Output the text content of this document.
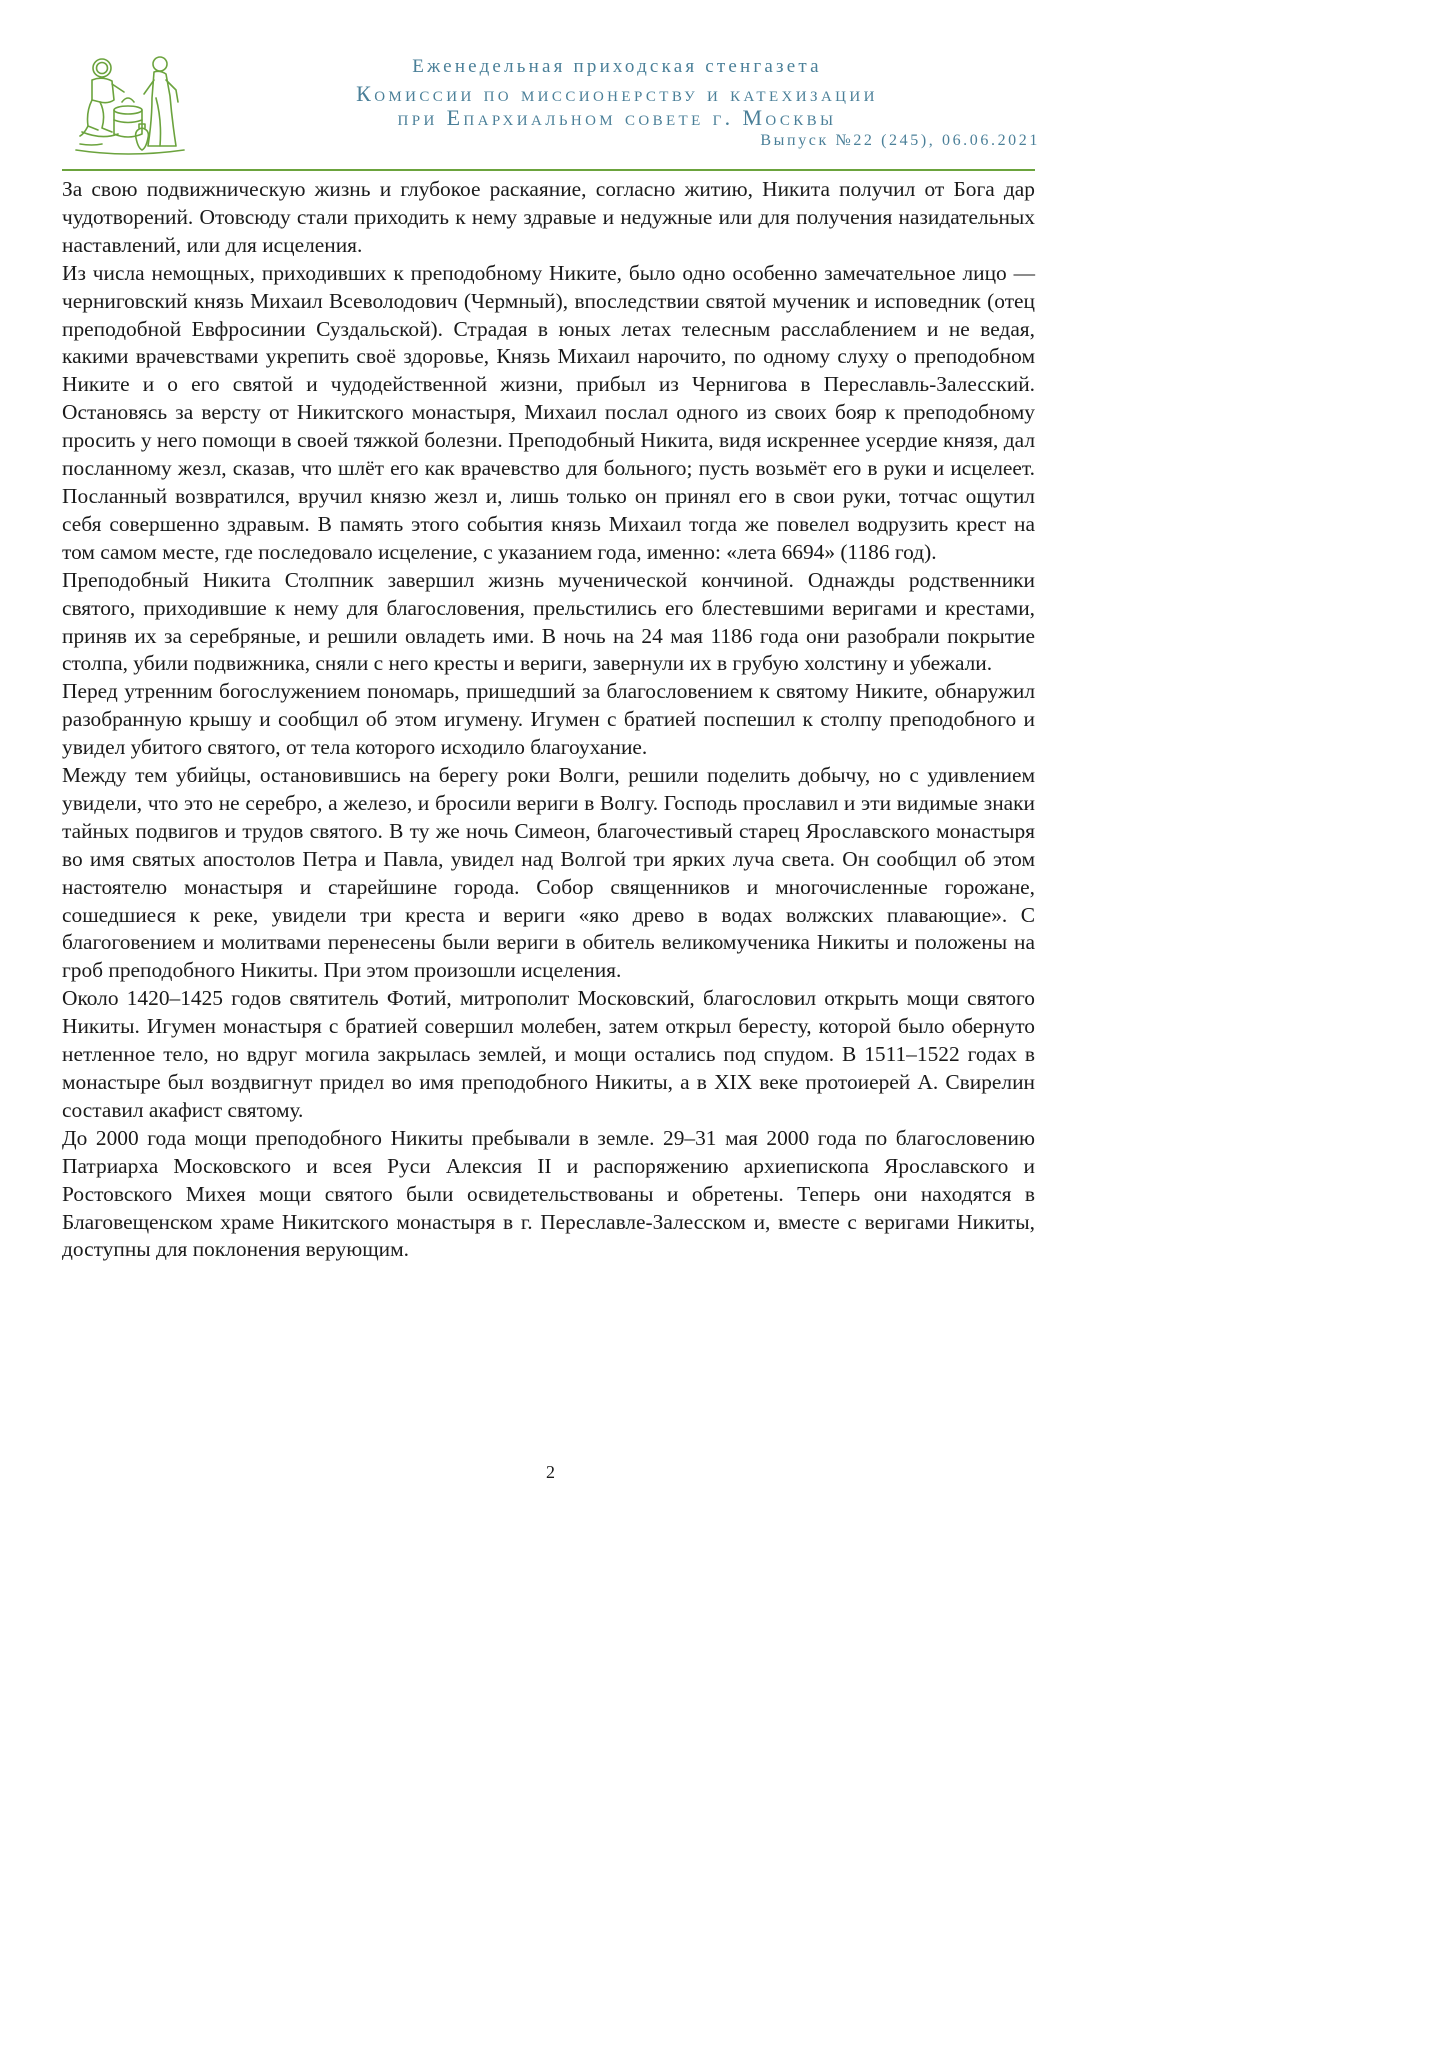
Еженедельная приходская стенгазета
Комиссии по миссионерству и катехизации
при Епархиальном совете г. Москвы
Выпуск №22 (245), 06.06.2021

За свою подвижническую жизнь и глубокое раскаяние, согласно житию, Никита получил от Бога дар чудотворений. Отовсюду стали приходить к нему здравые и недужные или для получения назидательных наставлений, или для исцеления.

Из числа немощных, приходивших к преподобному Никите, было одно особенно замечательное лицо — черниговский князь Михаил Всеволодович (Чермный), впоследствии святой мученик и исповедник (отец преподобной Евфросинии Суздальской). Страдая в юных летах телесным расслаблением и не ведая, какими врачевствами укрепить своё здоровье, Князь Михаил нарочито, по одному слуху о преподобном Никите и о его святой и чудодейственной жизни, прибыл из Чернигова в Переславль-Залесский. Остановясь за версту от Никитского монастыря, Михаил послал одного из своих бояр к преподобному просить у него помощи в своей тяжкой болезни. Преподобный Никита, видя искреннее усердие князя, дал посланному жезл, сказав, что шлёт его как врачевство для больного; пусть возьмёт его в руки и исцелеет. Посланный возвратился, вручил князю жезл и, лишь только он принял его в свои руки, тотчас ощутил себя совершенно здравым. В память этого события князь Михаил тогда же повелел водрузить крест на том самом месте, где последовало исцеление, с указанием года, именно: «лета 6694» (1186 год).

Преподобный Никита Столпник завершил жизнь мученической кончиной. Однажды родственники святого, приходившие к нему для благословения, прельстились его блестевшими веригами и крестами, приняв их за серебряные, и решили овладеть ими. В ночь на 24 мая 1186 года они разобрали покрытие столпа, убили подвижника, сняли с него кресты и вериги, завернули их в грубую холстину и убежали.

Перед утренним богослужением пономарь, пришедший за благословением к святому Никите, обнаружил разобранную крышу и сообщил об этом игумену. Игумен с братией поспешил к столпу преподобного и увидел убитого святого, от тела которого исходило благоухание.

Между тем убийцы, остановившись на берегу роки Волги, решили поделить добычу, но с удивлением увидели, что это не серебро, а железо, и бросили вериги в Волгу. Господь прославил и эти видимые знаки тайных подвигов и трудов святого. В ту же ночь Симеон, благочестивый старец Ярославского монастыря во имя святых апостолов Петра и Павла, увидел над Волгой три ярких луча света. Он сообщил об этом настоятелю монастыря и старейшине города. Собор священников и многочисленные горожане, сошедшиеся к реке, увидели три креста и вериги «яко древо в водах волжских плавающие». С благоговением и молитвами перенесены были вериги в обитель великомученика Никиты и положены на гроб преподобного Никиты. При этом произошли исцеления.

Около 1420–1425 годов святитель Фотий, митрополит Московский, благословил открыть мощи святого Никиты. Игумен монастыря с братией совершил молебен, затем открыл бересту, которой было обернуто нетленное тело, но вдруг могила закрылась землей, и мощи остались под спудом. В 1511–1522 годах в монастыре был воздвигнут придел во имя преподобного Никиты, а в XIX веке протоиерей А. Свирелин составил акафист святому.

До 2000 года мощи преподобного Никиты пребывали в земле. 29–31 мая 2000 года по благословению Патриарха Московского и всея Руси Алексия II и распоряжению архиепископа Ярославского и Ростовского Михея мощи святого были освидетельствованы и обретены. Теперь они находятся в Благовещенском храме Никитского монастыря в г. Переславле-Залесском и, вместе с веригами Никиты, доступны для поклонения верующим.

2
